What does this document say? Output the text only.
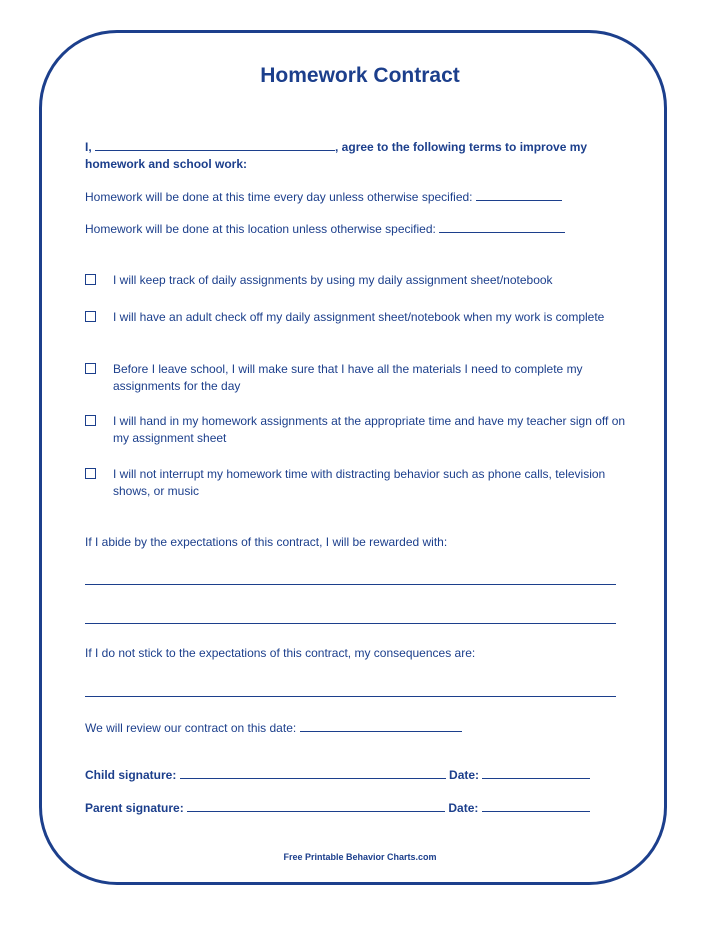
Homework Contract
I,	, agree to the following terms to improve my homework and school work:
Homework will be done at this time every day unless otherwise specified:
Homework will be done at this location unless otherwise specified:
I will keep track of daily assignments by using my daily assignment sheet/notebook
I will have an adult check off my daily assignment sheet/notebook when my work is complete
Before I leave school, I will make sure that I have all the materials I need to complete my assignments for the day
I will hand in my homework assignments at the appropriate time and have my teacher sign off on my assignment sheet
I will not interrupt my homework time with distracting behavior such as phone calls, television shows, or music
If I abide by the expectations of this contract, I will be rewarded with:
If I do not stick to the expectations of this contract, my consequences are:
We will review our contract on this date:
Child signature:	Date:
Parent signature:	Date:
Free Printable Behavior Charts.com
